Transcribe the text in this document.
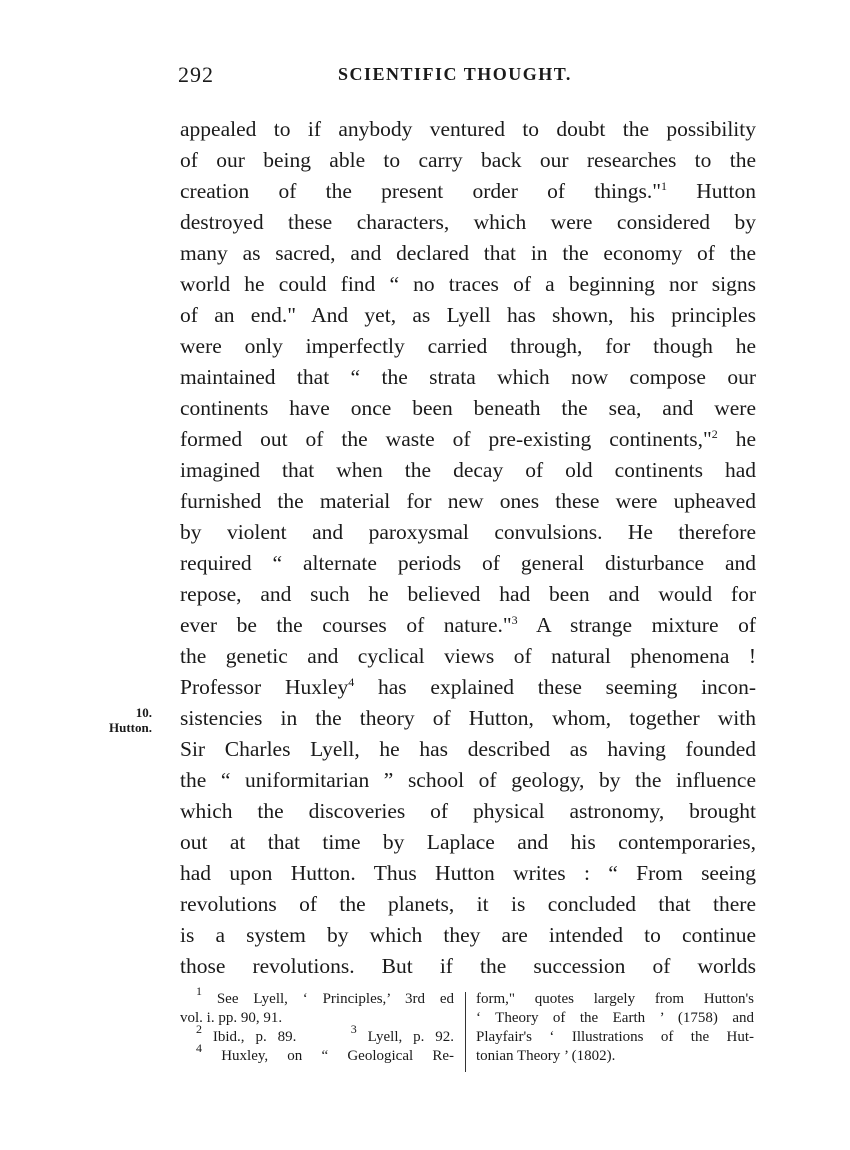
292	SCIENTIFIC THOUGHT.
10.
Hutton.
appealed to if anybody ventured to doubt the possibility
of our being able to carry back our researches to the
creation of the present order of things."$^1$ Hutton
destroyed these characters, which were considered by
many as sacred, and declared that in the economy of the
world he could find “ no traces of a beginning nor signs
of an end." And yet, as Lyell has shown, his principles
were only imperfectly carried through, for though he
maintained that “ the strata which now compose our
continents have once been beneath the sea, and were
formed out of the waste of pre-existing continents,"$^2$ he
imagined that when the decay of old continents had
furnished the material for new ones these were upheaved
by violent and paroxysmal convulsions. He therefore
required “ alternate periods of general disturbance and
repose, and such he believed had been and would for
ever be the courses of nature."$^3$ A strange mixture of
the genetic and cyclical views of natural phenomena !
Professor Huxley$^4$ has explained these seeming incon-
sistencies in the theory of Hutton, whom, together with
Sir Charles Lyell, he has described as having founded
the “ uniformitarian ” school of geology, by the influence
which the discoveries of physical astronomy, brought
out at that time by Laplace and his contemporaries,
had upon Hutton. Thus Hutton writes : “ From seeing
revolutions of the planets, it is concluded that there
is a system by which they are intended to continue
those revolutions. But if the succession of worlds
$^1$ See Lyell, ‘ Principles,’ 3rd ed
vol. i. pp. 90, 91.
$^2$ Ibid., p. 89.	$^3$ Lyell, p. 92.
$^4$ Huxley, on “ Geological Re-
form," quotes largely from Hutton's
‘ Theory of the Earth ’ (1758) and
Playfair's ‘ Illustrations of the Hut-
tonian Theory ’ (1802).
